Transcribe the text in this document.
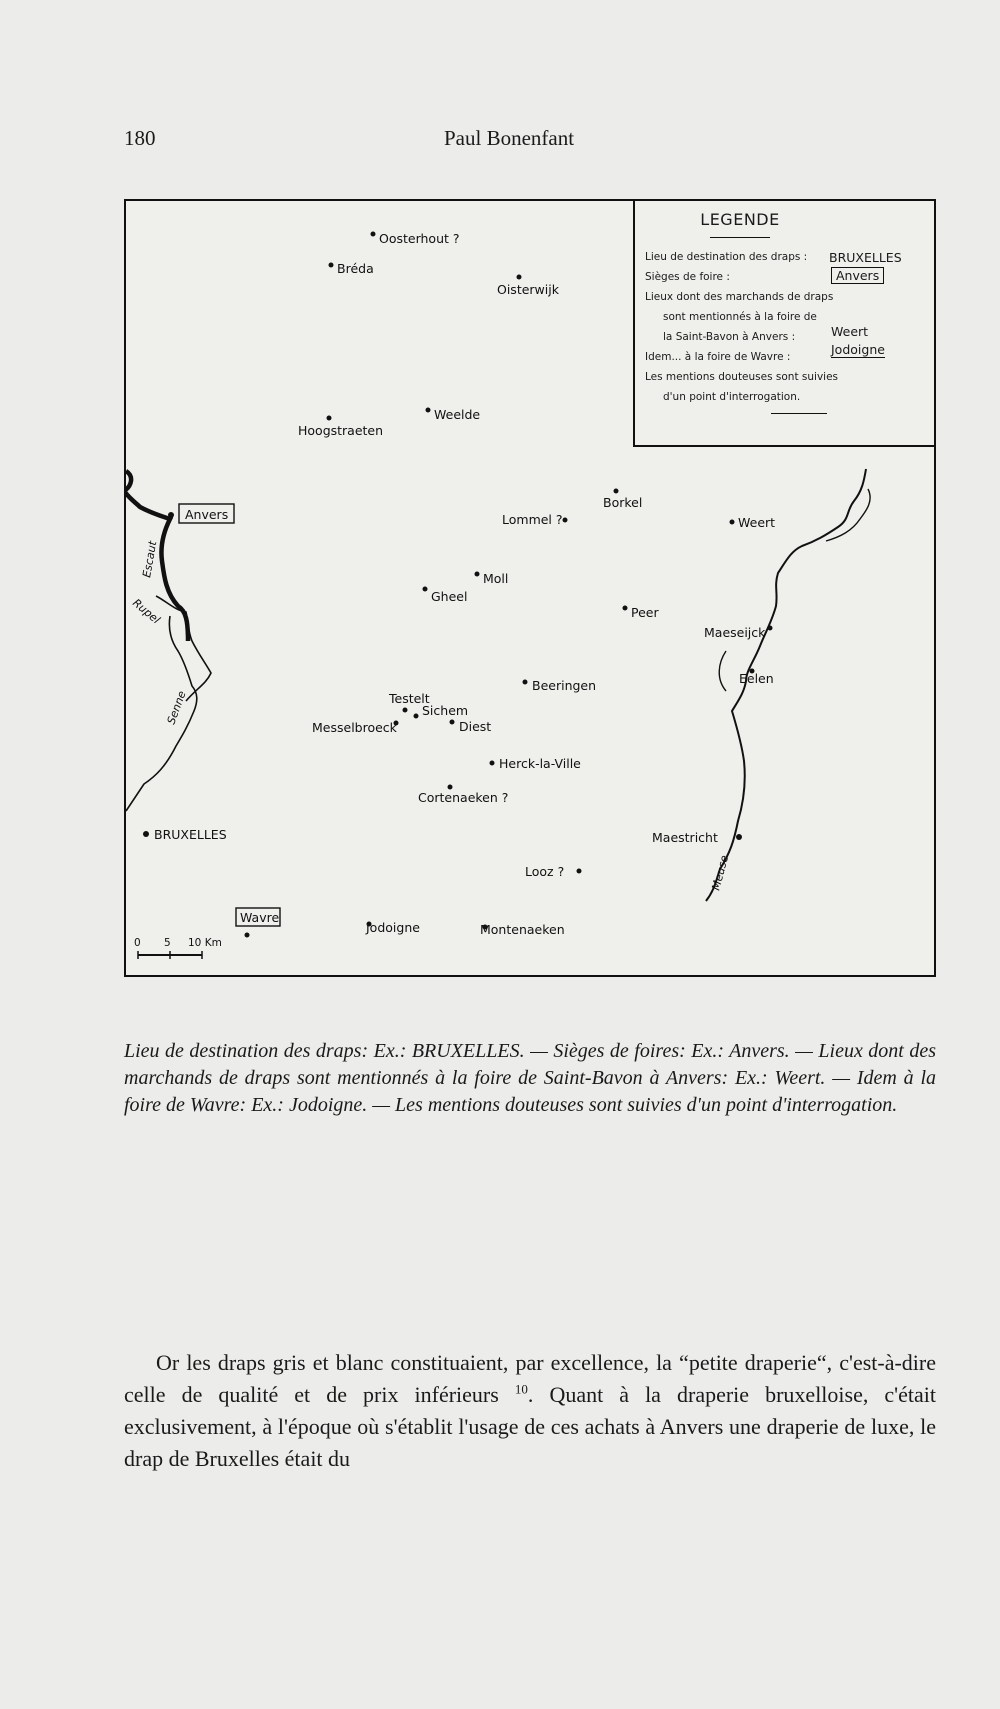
180	Paul Bonenfant
Escaut
Rupel
Senne
Meuse
Oosterhout ?
Bréda
Oisterwijk
Hoogstraeten
Weelde
Borkel
Anvers	Lommel ?	Weert
Moll
Gheel
Peer
Maeseijck
Eelen
Beeringen
Testelt
Sichem
Messelbroeck	Diest
Herck-la-Ville
Cortenaeken ?
BRUXELLES	Maestricht
Looz ?
Wavre
Jodoigne	Montenaeken
0 5 10 Km
LEGENDE
Lieu de destination des draps :
Sièges de foire :
Lieux dont des marchands de draps
sont mentionnés à la foire de
la Saint-Bavon à Anvers :
Idem... à la foire de Wavre :
Les mentions douteuses sont suivies
d'un point d'interrogation.
BRUXELLES
Anvers
Weert
Jodoigne
Lieu de destination des draps: Ex.: BRUXELLES. — Sièges de foires: Ex.: Anvers. — Lieux dont des marchands de draps sont mentionnés à la foire de Saint-Bavon à Anvers: Ex.: Weert. — Idem à la foire de Wavre: Ex.: Jodoigne. — Les mentions douteuses sont suivies d'un point d'interrogation.

Or les draps gris et blanc constituaient, par excellence, la “petite draperie“, c'est-à-dire celle de qualité et de prix inférieurs $^{10}$. Quant à la draperie bruxelloise, c'était exclusivement, à l'époque où s'établit l'usage de ces achats à Anvers une draperie de luxe, le drap de Bruxelles était du
